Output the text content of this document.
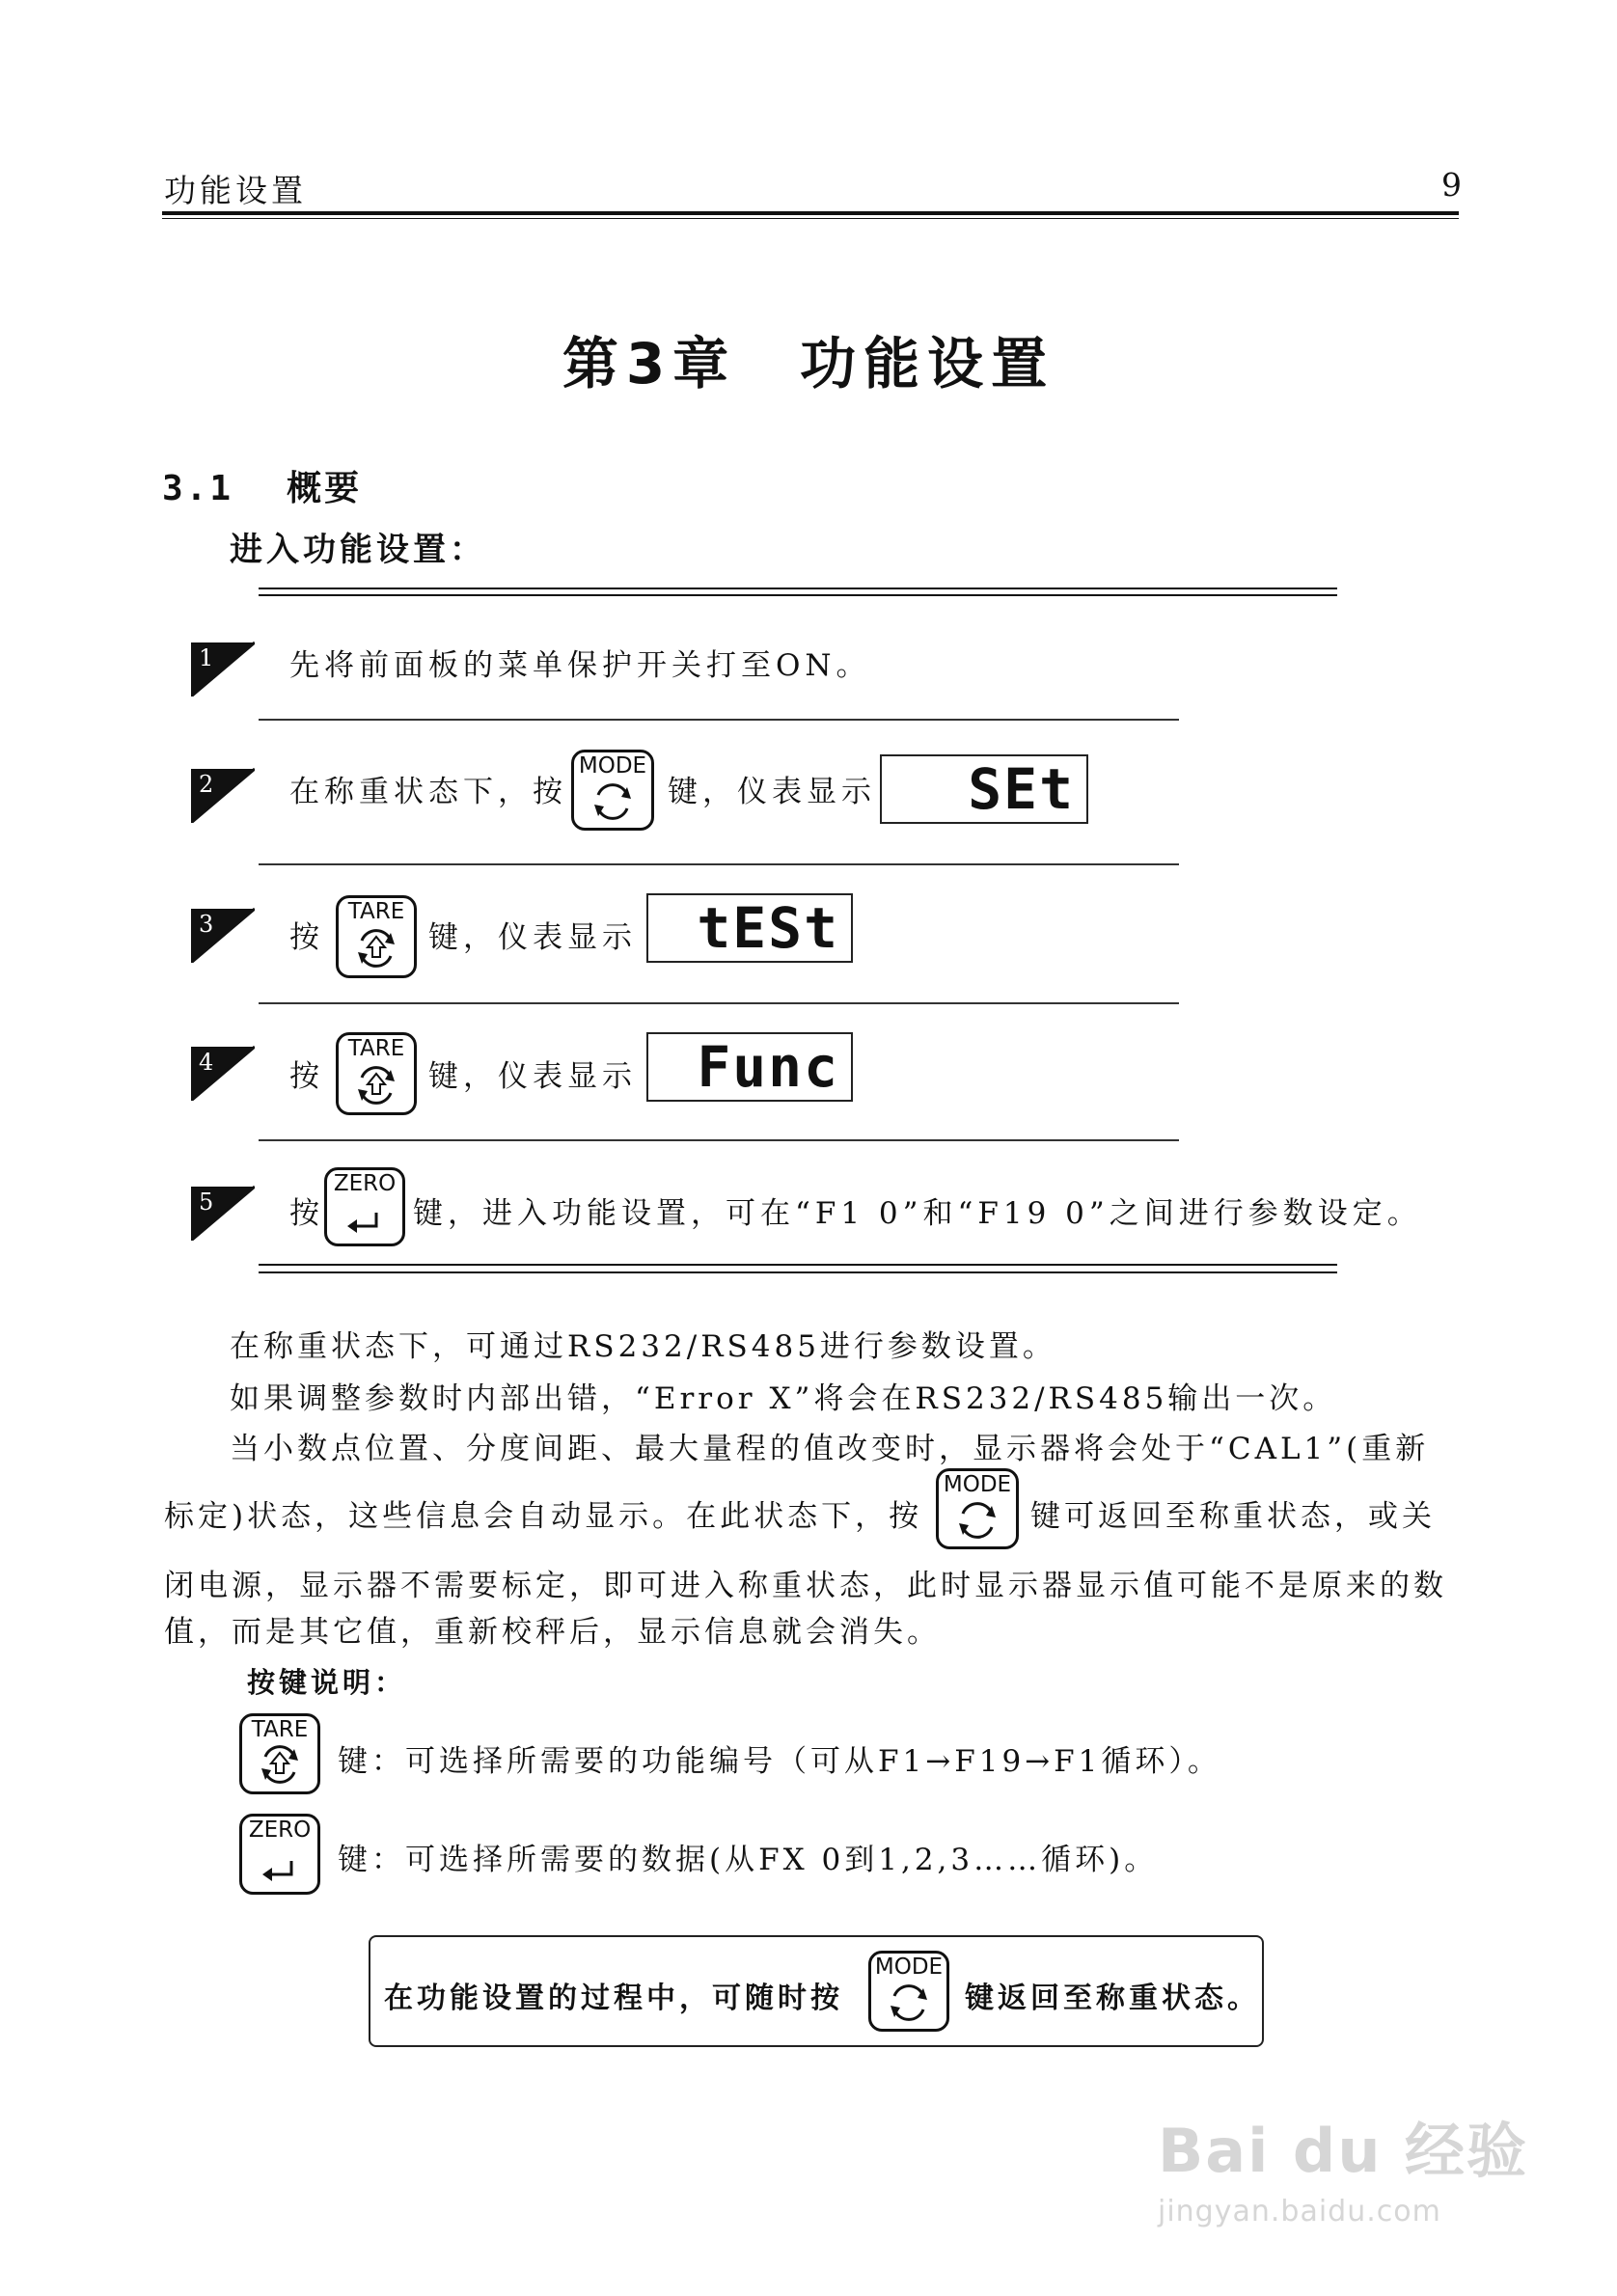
功能设置	9
第3章　功能设置
3.1 概要
进入功能设置：
1	先将前面板的菜单保护开关打至ON。
2	在称重状态下，按
MODE
键，仪表显示 SEt
3	按
TARE
键，仪表显示 tESt
4	按
TARE
键，仪表显示 Func
5	按
ZERO
键，进入功能设置，可在“F1 0”和“F19 0”之间进行参数设定。
在称重状态下，可通过RS232/RS485进行参数设置。
如果调整参数时内部出错，“Error X”将会在RS232/RS485输出一次。
当小数点位置、分度间距、最大量程的值改变时，显示器将会处于“CAL1”(重新
标定)状态，这些信息会自动显示。在此状态下，按
MODE
键可返回至称重状态，或关
闭电源，显示器不需要标定，即可进入称重状态，此时显示器显示值可能不是原来的数
值，而是其它值，重新校秤后，显示信息就会消失。
按键说明：
TARE
键：可选择所需要的功能编号（可从F1→F19→F1循环）。
ZERO
键：可选择所需要的数据(从FX 0到1,2,3……循环)。
在功能设置的过程中，可随时按
MODE
键返回至称重状态。
Bai du 经验
jingyan.baidu.com
